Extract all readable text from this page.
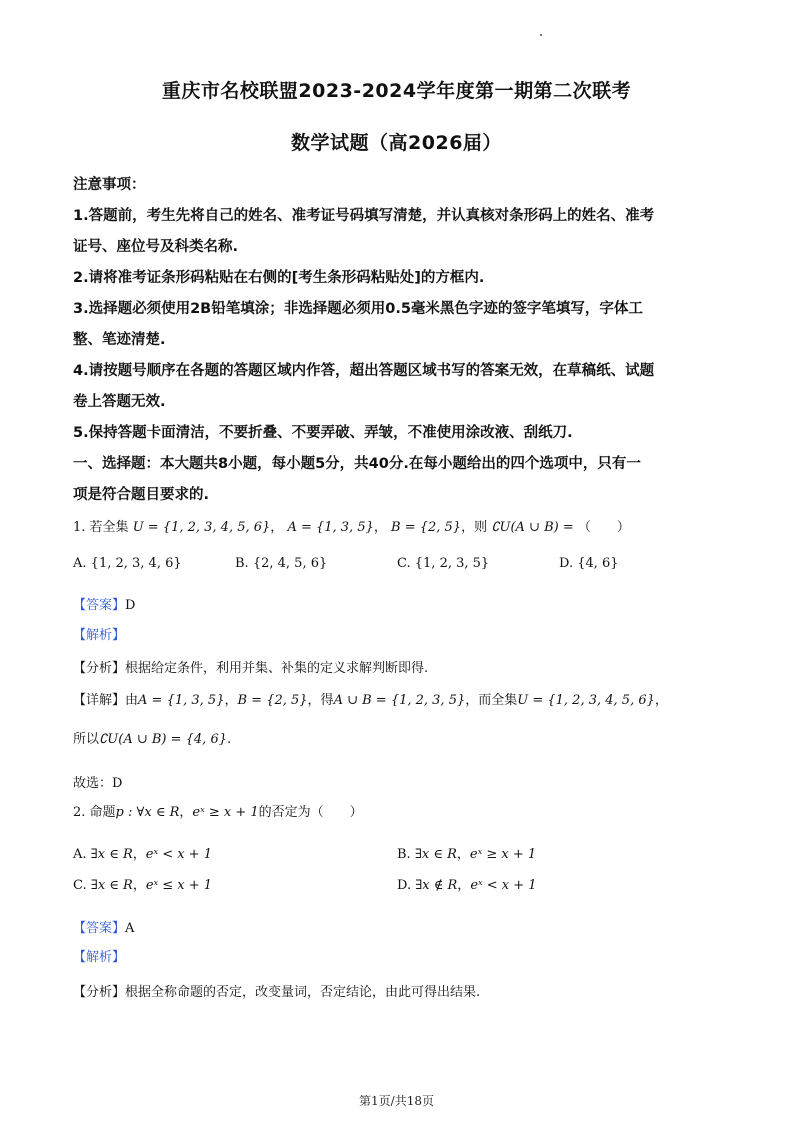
重庆市名校联盟2023-2024学年度第一期第二次联考
数学试题（高2026届）

注意事项：

1.答题前，考生先将自己的姓名、准考证号码填写清楚，并认真核对条形码上的姓名、准考

证号、座位号及科类名称.

2.请将准考证条形码粘贴在右侧的[考生条形码粘贴处]的方框内.

3.选择题必须使用2B铅笔填涂；非选择题必须用0.5毫米黑色字迹的签字笔填写，字体工

整、笔迹清楚.

4.请按题号顺序在各题的答题区域内作答，超出答题区域书写的答案无效，在草稿纸、试题

卷上答题无效.

5.保持答题卡面清洁，不要折叠、不要弄破、弄皱，不准使用涂改液、刮纸刀.

一、选择题：本大题共8小题，每小题5分，共40分.在每小题给出的四个选项中，只有一

项是符合题目要求的.

1. 若全集 U = {1, 2, 3, 4, 5, 6}， A = {1, 3, 5}， B = {2, 5}，则 ∁U(A ∪ B) = （　　）
A. {1, 2, 3, 4, 6}	B. {2, 4, 5, 6}	C. {1, 2, 3, 5}	D. {4, 6}
【答案】D
【解析】
【分析】根据给定条件，利用并集、补集的定义求解判断即得.
【详解】由A = {1, 3, 5}，B = {2, 5}，得A ∪ B = {1, 2, 3, 5}，而全集U = {1, 2, 3, 4, 5, 6}，
所以∁U(A ∪ B) = {4, 6}.
故选：D
2. 命题p : ∀x ∈ R，eˣ ≥ x + 1的否定为（　　）
A. ∃x ∈ R，eˣ < x + 1	B. ∃x ∈ R，eˣ ≥ x + 1
C. ∃x ∈ R，eˣ ≤ x + 1	D. ∃x ∉ R，eˣ < x + 1
【答案】A
【解析】
【分析】根据全称命题的否定，改变量词，否定结论，由此可得出结果.
第1页/共18页
